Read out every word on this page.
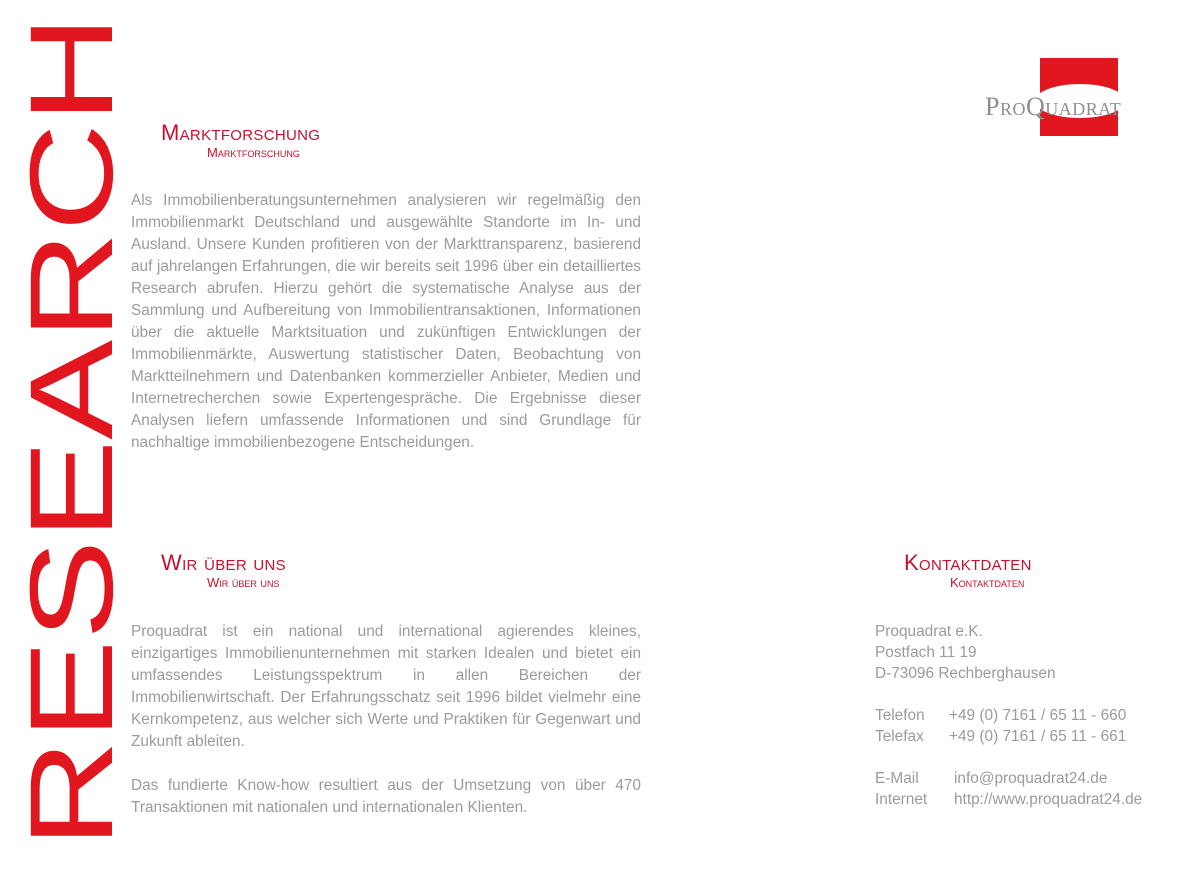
RESEARCH
ProQuadrat
Marktforschung
Marktforschung

Als Immobilienberatungsunternehmen analysieren wir regelmäßig den Immobilienmarkt Deutschland und ausgewählte Standorte im In- und Ausland. Unsere Kunden profitieren von der Markttransparenz, basierend auf jahrelangen Erfahrungen, die wir bereits seit 1996 über ein detailliertes Research abrufen. Hierzu gehört die systematische Analyse aus der Sammlung und Aufbereitung von Immobilientransaktionen, Informationen über die aktuelle Marktsituation und zukünftigen Entwicklungen der Immobilienmärkte, Auswertung statistischer Daten, Beobachtung von Marktteilnehmern und Datenbanken kommerzieller Anbieter, Medien und Internetrecherchen sowie Expertengespräche. Die Ergebnisse dieser Analysen liefern umfassende Informationen und sind Grundlage für nachhaltige immobilienbezogene Entscheidungen.

Wir über uns
Wir über uns

Proquadrat ist ein national und international agierendes kleines, einzigartiges Immobilienunternehmen mit starken Idealen und bietet ein umfassendes Leistungsspektrum in allen Bereichen der Immobilienwirtschaft. Der Erfahrungsschatz seit 1996 bildet vielmehr eine Kernkompetenz, aus welcher sich Werte und Praktiken für Gegenwart und Zukunft ableiten.

Das fundierte Know-how resultiert aus der Umsetzung von über 470 Transaktionen mit nationalen und internationalen Klienten.

Kontaktdaten
Kontaktdaten
Proquadrat e.K.
Postfach 11 19
D-73096 Rechberghausen
Telefon	+49 (0) 7161 / 65 11 - 660
Telefax	+49 (0) 7161 / 65 11 - 661
E-Mail	info@proquadrat24.de
Internet	http://www.proquadrat24.de
